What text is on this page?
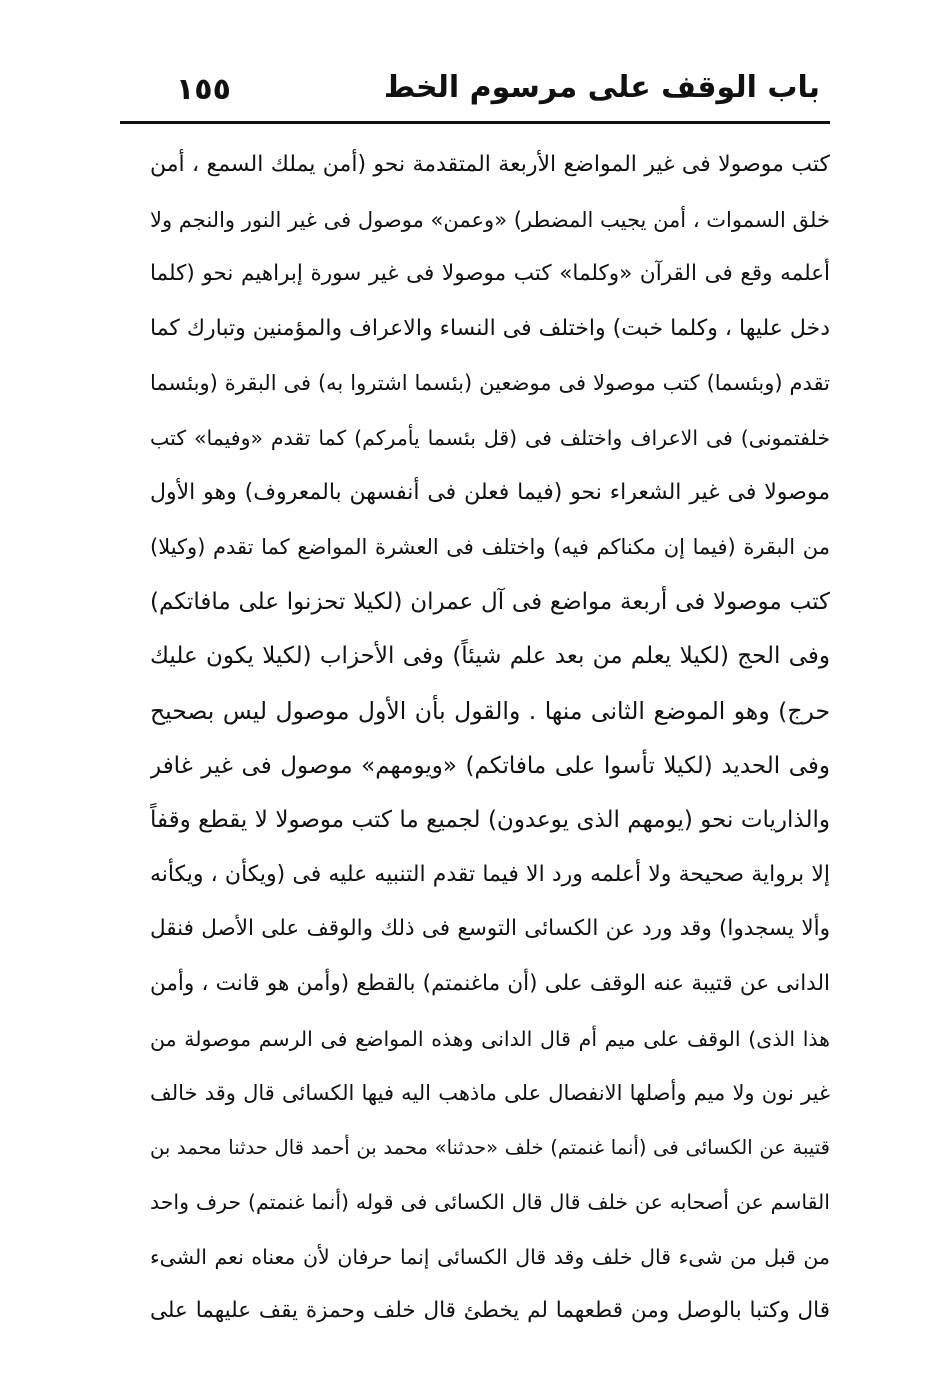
باب الوقف على مرسوم الخط
١٥٥
كتب موصولا فى غير المواضع الأربعة المتقدمة نحو (أمن يملك السمع ، أمن
خلق السموات ، أمن يجيب المضطر) «وعمن» موصول فى غير النور والنجم ولا
أعلمه وقع فى القرآن «وكلما» كتب موصولا فى غير سورة إبراهيم نحو (كلما
دخل عليها ، وكلما خبت) واختلف فى النساء والاعراف والمؤمنين وتبارك كما
تقدم (وبئسما) كتب موصولا فى موضعين (بئسما اشتروا به) فى البقرة (وبئسما
خلفتمونى) فى الاعراف واختلف فى (قل بئسما يأمركم) كما تقدم «وفيما» كتب
موصولا فى غير الشعراء نحو (فيما فعلن فى أنفسهن بالمعروف) وهو الأول
من البقرة (فيما إن مكناكم فيه) واختلف فى العشرة المواضع كما تقدم (وكيلا)
كتب موصولا فى أربعة مواضع فى آل عمران (لكيلا تحزنوا على مافاتكم)
وفى الحج (لكيلا يعلم من بعد علم شيئاً) وفى الأحزاب (لكيلا يكون عليك
حرج) وهو الموضع الثانى منها . والقول بأن الأول موصول ليس بصحيح
وفى الحديد (لكيلا تأسوا على مافاتكم) «ويومهم» موصول فى غير غافر
والذاريات نحو (يومهم الذى يوعدون) لجميع ما كتب موصولا لا يقطع وقفاً
إلا برواية صحيحة ولا أعلمه ورد الا فيما تقدم التنبيه عليه فى (ويكأن ، ويكأنه
وألا يسجدوا) وقد ورد عن الكسائى التوسع فى ذلك والوقف على الأصل فنقل
الدانى عن قتيبة عنه الوقف على (أن ماغنمتم) بالقطع (وأمن هو قانت ، وأمن
هذا الذى) الوقف على ميم أم قال الدانى وهذه المواضع فى الرسم موصولة من
غير نون ولا ميم وأصلها الانفصال على ماذهب اليه فيها الكسائى قال وقد خالف
قتيبة عن الكسائى فى (أنما غنمتم) خلف «حدثنا» محمد بن أحمد قال حدثنا محمد بن
القاسم عن أصحابه عن خلف قال قال الكسائى فى قوله (أنما غنمتم) حرف واحد
من قبل من شىء قال خلف وقد قال الكسائى إنما حرفان لأن معناه نعم الشىء
قال وكتبا بالوصل ومن قطعهما لم يخطئ قال خلف وحمزة يقف عليهما على
